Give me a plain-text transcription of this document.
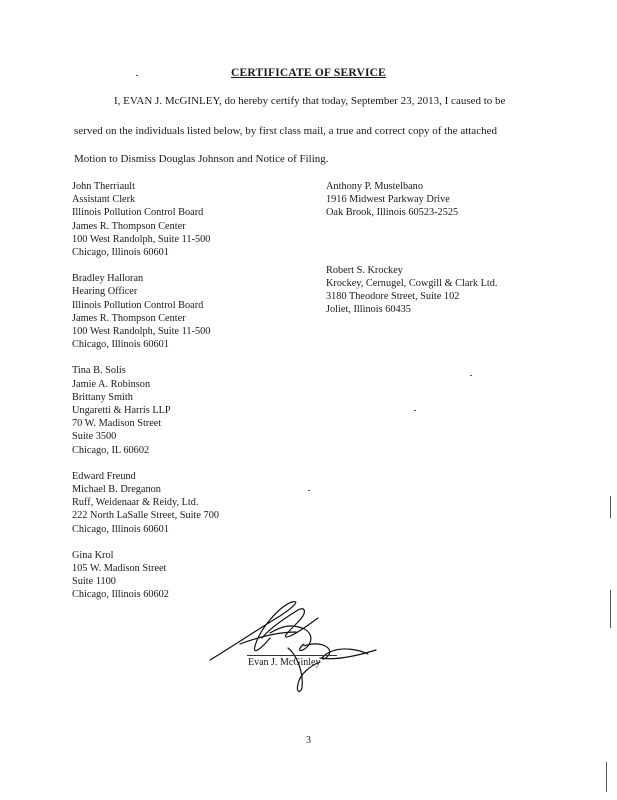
CERTIFICATE OF SERVICE
I, EVAN J. McGINLEY, do hereby certify that today, September 23, 2013, I caused to be
served on the individuals listed below, by first class mail, a true and correct copy of the attached
Motion to Dismiss Douglas Johnson and Notice of Filing.
John Therriault
Assistant Clerk
Illinois Pollution Control Board
James R. Thompson Center
100 West Randolph, Suite 11-500
Chicago, Illinois 60601
Bradley Halloran
Hearing Officer
Illinois Pollution Control Board
James R. Thompson Center
100 West Randolph, Suite 11-500
Chicago, Illinois 60601
Tina B. Solis
Jamie A. Robinson
Brittany Smith
Ungaretti & Harris LLP
70 W. Madison Street
Suite 3500
Chicago, IL 60602
Edward Freund
Michael B. Dreganon
Ruff, Weidenaar & Reidy, Ltd.
222 North LaSalle Street, Suite 700
Chicago, Illinois 60601
Gina Krol
105 W. Madison Street
Suite 1100
Chicago, Illinois 60602
Anthony P. Mustelbano
1916 Midwest Parkway Drive
Oak Brook, Illinois 60523-2525
Robert S. Krockey
Krockey, Cernugel, Cowgill & Clark Ltd.
3180 Theodore Street, Suite 102
Joliet, Illinois 60435
Evan J. McGinley
3
